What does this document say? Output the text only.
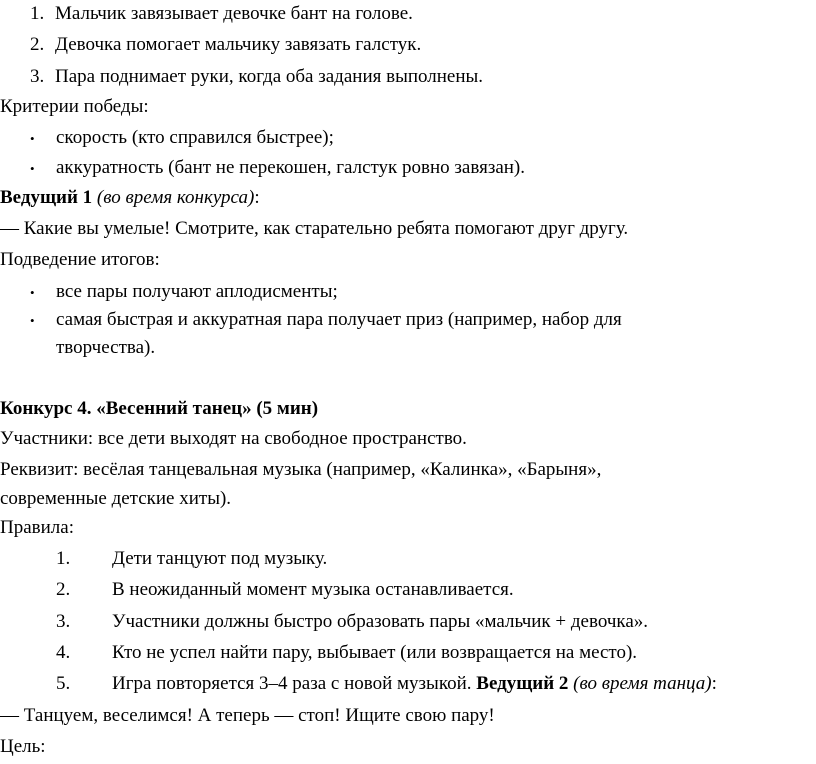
1. Мальчик завязывает девочке бант на голове.
2. Девочка помогает мальчику завязать галстук.
3. Пара поднимает руки, когда оба задания выполнены.
Критерии победы:
• скорость (кто справился быстрее);
• аккуратность (бант не перекошен, галстук ровно завязан).
Ведущий 1 (во время конкурса):
— Какие вы умелые! Смотрите, как старательно ребята помогают друг другу.
Подведение итогов:
• все пары получают аплодисменты;
• самая быстрая и аккуратная пара получает приз (например, набор для
творчества).
Конкурс 4. «Весенний танец» (5 мин)
Участники: все дети выходят на свободное пространство.
Реквизит: весёлая танцевальная музыка (например, «Калинка», «Барыня»,
современные детские хиты).
Правила:
1. Дети танцуют под музыку.
2. В неожиданный момент музыка останавливается.
3. Участники должны быстро образовать пары «мальчик + девочка».
4. Кто не успел найти пару, выбывает (или возвращается на место).
5. Игра повторяется 3–4 раза с новой музыкой. Ведущий 2 (во время танца):
— Танцуем, веселимся! А теперь — стоп! Ищите свою пару!
Цель:
